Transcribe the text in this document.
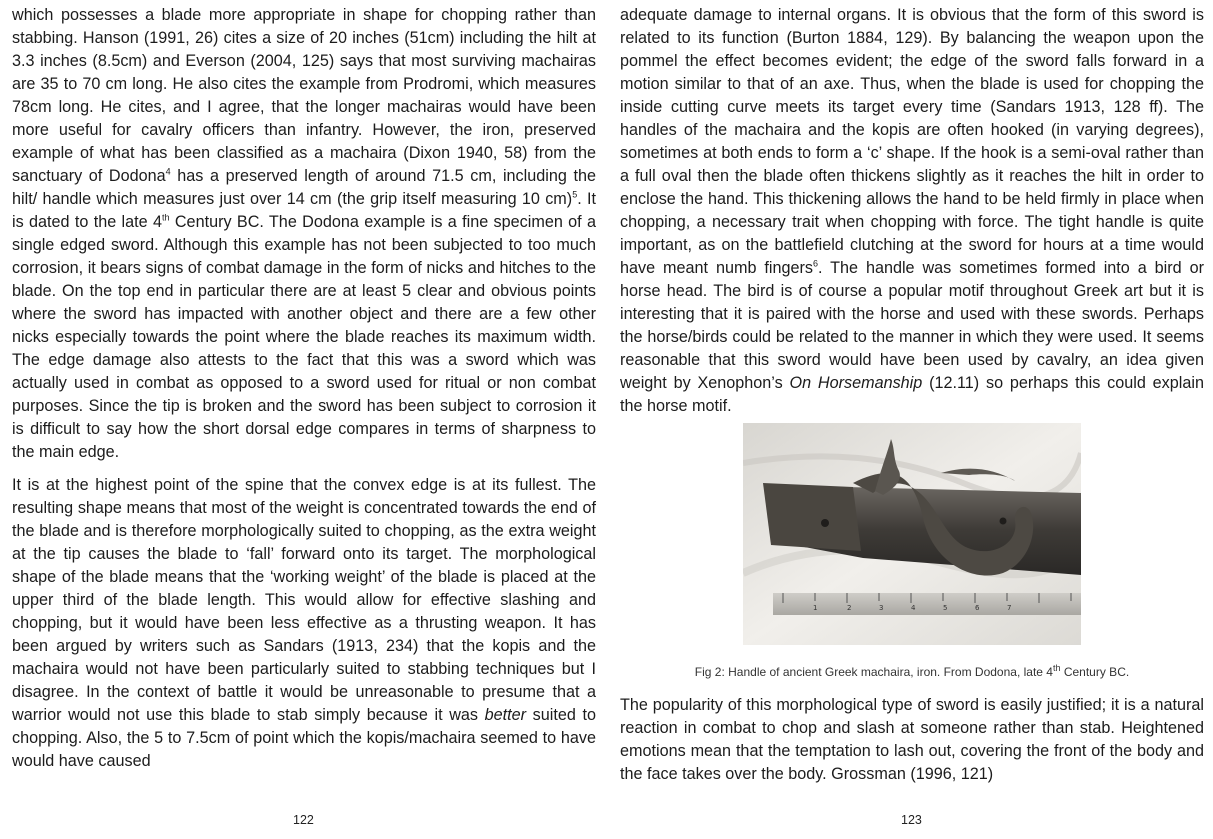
which possesses a blade more appropriate in shape for chopping rather than stabbing. Hanson (1991, 26) cites a size of 20 inches (51cm) including the hilt at 3.3 inches (8.5cm) and Everson (2004, 125) says that most surviving machairas are 35 to 70 cm long. He also cites the example from Prodromi, which measures 78cm long. He cites, and I agree, that the longer machairas would have been more useful for cavalry officers than infantry. However, the iron, preserved example of what has been classified as a machaira (Dixon 1940, 58) from the sanctuary of Dodona$^4$ has a preserved length of around 71.5 cm, including the hilt/ handle which measures just over 14 cm (the grip itself measuring 10 cm)$^5$. It is dated to the late 4th Century BC. The Dodona example is a fine specimen of a single edged sword. Although this example has not been subjected to too much corrosion, it bears signs of combat damage in the form of nicks and hitches to the blade. On the top end in particular there are at least 5 clear and obvious points where the sword has impacted with another object and there are a few other nicks especially towards the point where the blade reaches its maximum width. The edge damage also attests to the fact that this was a sword which was actually used in combat as opposed to a sword used for ritual or non combat purposes. Since the tip is broken and the sword has been subject to corrosion it is difficult to say how the short dorsal edge compares in terms of sharpness to the main edge.

It is at the highest point of the spine that the convex edge is at its fullest. The resulting shape means that most of the weight is concentrated towards the end of the blade and is therefore morphologically suited to chopping, as the extra weight at the tip causes the blade to ‘fall’ forward onto its target. The morphological shape of the blade means that the ‘working weight’ of the blade is placed at the upper third of the blade length. This would allow for effective slashing and chopping, but it would have been less effective as a thrusting weapon. It has been argued by writers such as Sandars (1913, 234) that the kopis and the machaira would not have been particularly suited to stabbing techniques but I disagree. In the context of battle it would be unreasonable to presume that a warrior would not use this blade to stab simply because it was better suited to chopping. Also, the 5 to 7.5cm of point which the kopis/machaira seemed to have would have caused

adequate damage to internal organs. It is obvious that the form of this sword is related to its function (Burton 1884, 129). By balancing the weapon upon the pommel the effect becomes evident; the edge of the sword falls forward in a motion similar to that of an axe. Thus, when the blade is used for chopping the inside cutting curve meets its target every time (Sandars 1913, 128 ff). The handles of the machaira and the kopis are often hooked (in varying degrees), sometimes at both ends to form a ‘c’ shape. If the hook is a semi-oval rather than a full oval then the blade often thickens slightly as it reaches the hilt in order to enclose the hand. This thickening allows the hand to be held firmly in place when chopping, a necessary trait when chopping with force. The tight handle is quite important, as on the battlefield clutching at the sword for hours at a time would have meant numb fingers$^6$. The handle was sometimes formed into a bird or horse head. The bird is of course a popular motif throughout Greek art but it is interesting that it is paired with the horse and used with these swords. Perhaps the horse/birds could be related to the manner in which they were used. It seems reasonable that this sword would have been used by cavalry, an idea given weight by Xenophon’s On Horsemanship (12.11) so perhaps this could explain the horse motif.

1	2	3	4	5	6	7
Fig 2: Handle of ancient Greek machaira, iron. From Dodona, late 4th Century BC.

The popularity of this morphological type of sword is easily justified; it is a natural reaction in combat to chop and slash at someone rather than stab. Heightened emotions mean that the temptation to lash out, covering the front of the body and the face takes over the body. Grossman (1996, 121)

122	123
